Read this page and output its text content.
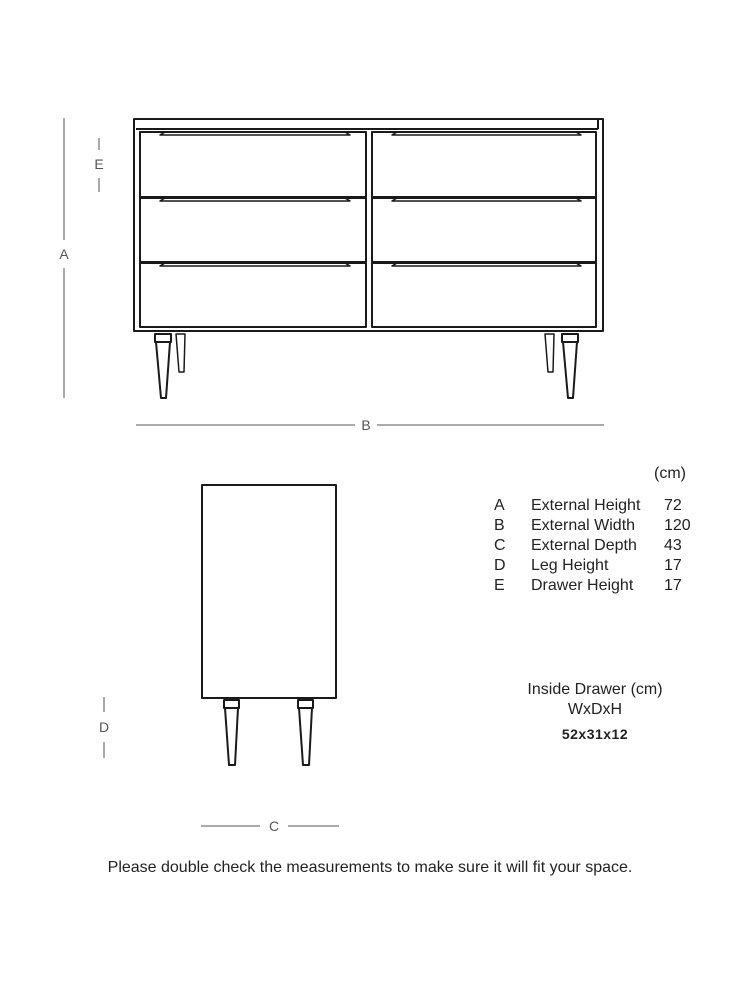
A
E
B
D
C
(cm)
A	External Height	72
B	External Width	120
C	External Depth	43
D	Leg Height	17
E	Drawer Height	17
Inside Drawer (cm)
WxDxH
52x31x12
Please double check the measurements to make sure it will fit your space.
